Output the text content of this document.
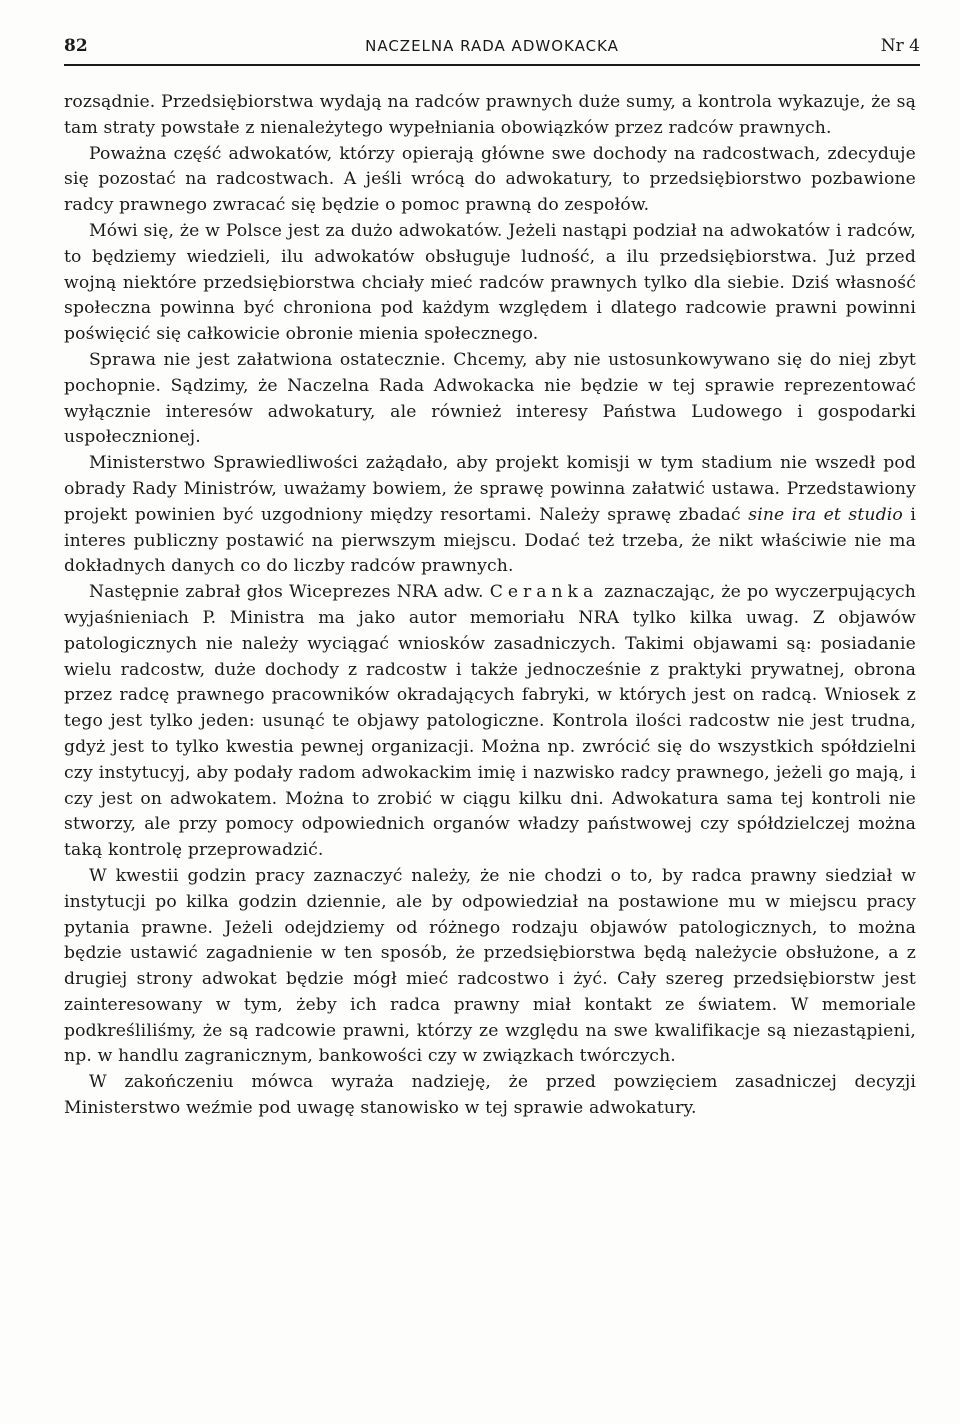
82	NACZELNA RADA ADWOKACKA	Nr 4

rozsądnie. Przedsiębiorstwa wydają na radców prawnych duże sumy, a kontrola wykazuje, że są tam straty powstałe z nienależytego wypełniania obowiązków przez radców prawnych.

Poważna część adwokatów, którzy opierają główne swe dochody na radcostwach, zdecyduje się pozostać na radcostwach. A jeśli wrócą do adwokatury, to przedsiębiorstwo pozbawione radcy prawnego zwracać się będzie o pomoc prawną do zespołów.

Mówi się, że w Polsce jest za dużo adwokatów. Jeżeli nastąpi podział na adwokatów i radców, to będziemy wiedzieli, ilu adwokatów obsługuje ludność, a ilu przedsiębiorstwa. Już przed wojną niektóre przedsiębiorstwa chciały mieć radców prawnych tylko dla siebie. Dziś własność społeczna powinna być chroniona pod każdym względem i dlatego radcowie prawni powinni poświęcić się całkowicie obronie mienia społecznego.

Sprawa nie jest załatwiona ostatecznie. Chcemy, aby nie ustosunkowywano się do niej zbyt pochopnie. Sądzimy, że Naczelna Rada Adwokacka nie będzie w tej sprawie reprezentować wyłącznie interesów adwokatury, ale również interesy Państwa Ludowego i gospodarki uspołecznionej.

Ministerstwo Sprawiedliwości zażądało, aby projekt komisji w tym stadium nie wszedł pod obrady Rady Ministrów, uważamy bowiem, że sprawę powinna załatwić ustawa. Przedstawiony projekt powinien być uzgodniony między resortami. Należy sprawę zbadać sine ira et studio i interes publiczny postawić na pierwszym miejscu. Dodać też trzeba, że nikt właściwie nie ma dokładnych danych co do liczby radców prawnych.

Następnie zabrał głos Wiceprezes NRA adw. Ceranka zaznaczając, że po wyczerpujących wyjaśnieniach P. Ministra ma jako autor memoriału NRA tylko kilka uwag. Z objawów patologicznych nie należy wyciągać wniosków zasadniczych. Takimi objawami są: posiadanie wielu radcostw, duże dochody z radcostw i także jednocześnie z praktyki prywatnej, obrona przez radcę prawnego pracowników okradających fabryki, w których jest on radcą. Wniosek z tego jest tylko jeden: usunąć te objawy patologiczne. Kontrola ilości radcostw nie jest trudna, gdyż jest to tylko kwestia pewnej organizacji. Można np. zwrócić się do wszystkich spółdzielni czy instytucyj, aby podały radom adwokackim imię i nazwisko radcy prawnego, jeżeli go mają, i czy jest on adwokatem. Można to zrobić w ciągu kilku dni. Adwokatura sama tej kontroli nie stworzy, ale przy pomocy odpowiednich organów władzy państwowej czy spółdzielczej można taką kontrolę przeprowadzić.

W kwestii godzin pracy zaznaczyć należy, że nie chodzi o to, by radca prawny siedział w instytucji po kilka godzin dziennie, ale by odpowiedział na postawione mu w miejscu pracy pytania prawne. Jeżeli odejdziemy od różnego rodzaju objawów patologicznych, to można będzie ustawić zagadnienie w ten sposób, że przedsiębiorstwa będą należycie obsłużone, a z drugiej strony adwokat będzie mógł mieć radcostwo i żyć. Cały szereg przedsiębiorstw jest zainteresowany w tym, żeby ich radca prawny miał kontakt ze światem. W memoriale podkreśliliśmy, że są radcowie prawni, którzy ze względu na swe kwalifikacje są niezastąpieni, np. w handlu zagranicznym, bankowości czy w związkach twórczych.

W zakończeniu mówca wyraża nadzieję, że przed powzięciem zasadniczej decyzji Ministerstwo weźmie pod uwagę stanowisko w tej sprawie adwokatury.
